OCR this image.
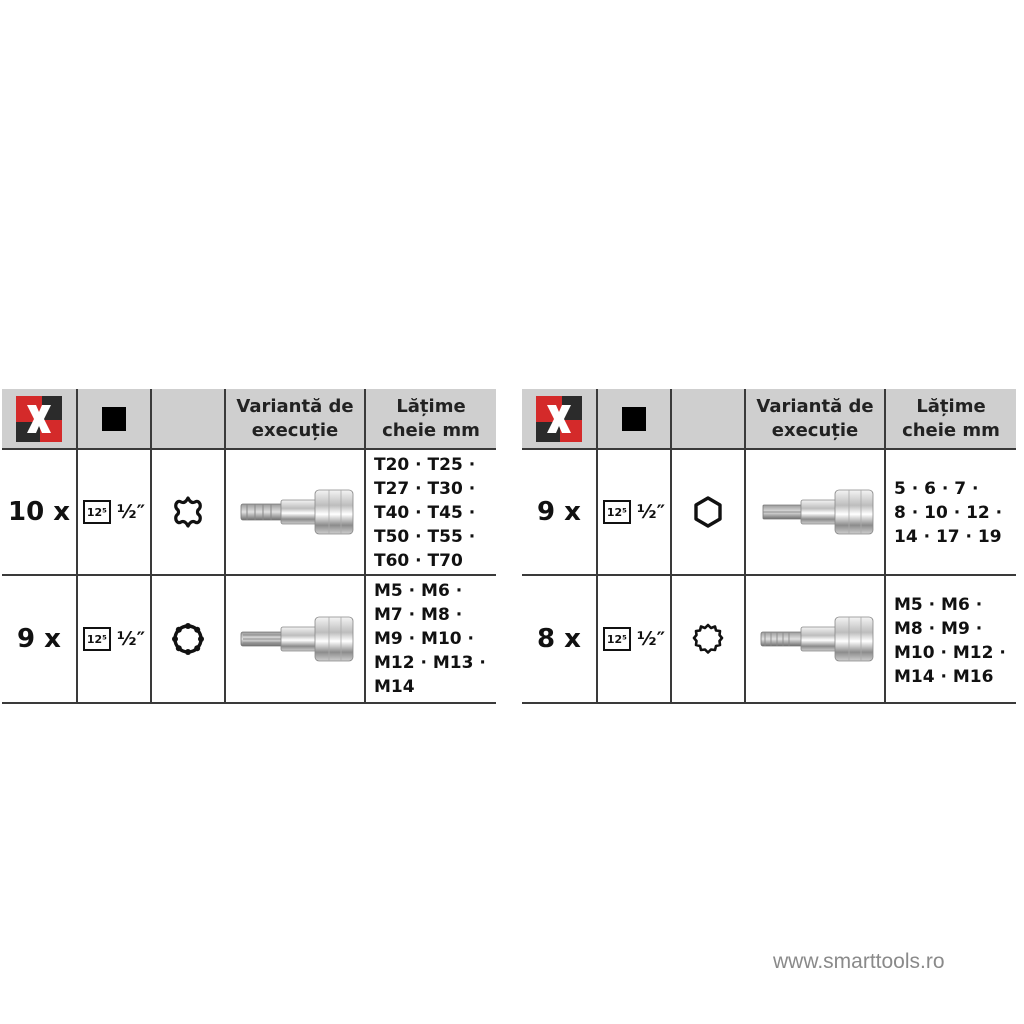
Variantă de
execuție
Lățime
cheie mm
10 x	12⁵ ½″
T20 · T25 ·
T27 · T30 ·
T40 · T45 ·
T50 · T55 ·
T60 · T70
9 x	12⁵ ½″
M5 · M6 ·
M7 · M8 ·
M9 · M10 ·
M12 · M13 ·
M14
Variantă de
execuție
Lățime
cheie mm
9 x	12⁵ ½″
5 · 6 · 7 ·
8 · 10 · 12 ·
14 · 17 · 19
8 x	12⁵ ½″
M5 · M6 ·
M8 · M9 ·
M10 · M12 ·
M14 · M16
www.smarttools.ro
